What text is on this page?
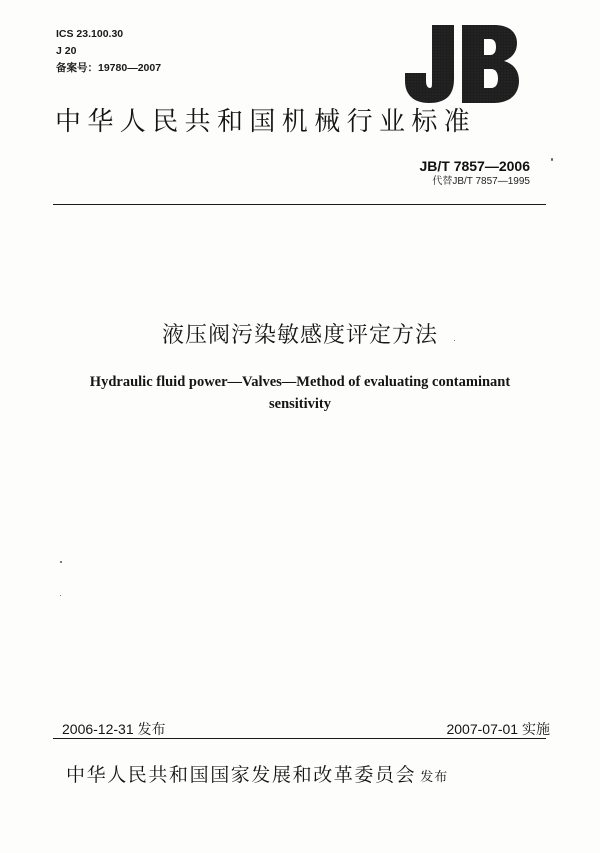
ICS 23.100.30
J 20
备案号：19780—2007
中华人民共和国机械行业标准
JB/T 7857—2006
代替JB/T 7857—1995
液压阀污染敏感度评定方法
Hydraulic fluid power—Valves—Method of evaluating contaminant
sensitivity
2006-12-31 发布	2007-07-01 实施
中华人民共和国国家发展和改革委员会 发布
